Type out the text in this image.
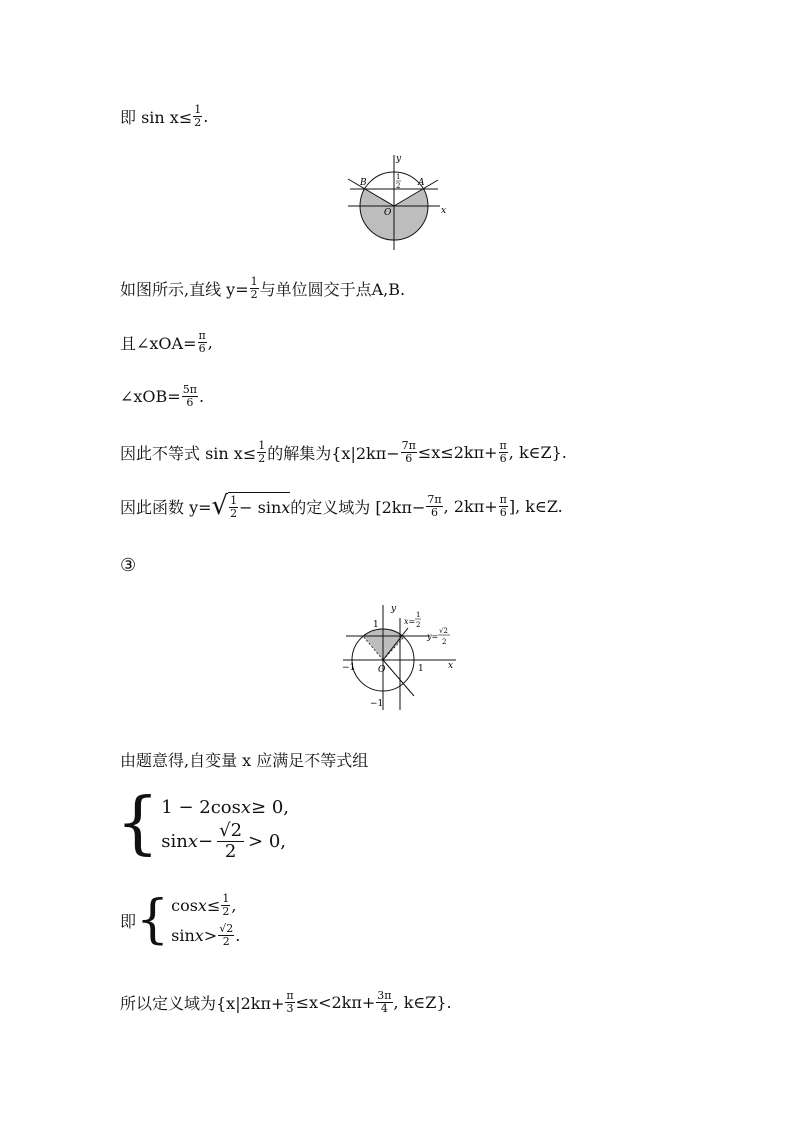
即 $\sin x\le \frac{1}{2}$ .
y
x
O
A
B
1
2
如图所示,直线 $y= \frac{1}{2}$ 与单位圆交于点A,B.
且∠xOA= $\frac{\pi}{6}$ ,
∠xOB= $\frac{5\pi}{6}$ .
因此不等式 $\sin x\le \frac{1}{2}$ 的解集为{$x|2k\pi- \frac{7\pi}{6} \le x\le 2k\pi+ \frac{\pi}{6}$ , k∈Z}.
因此函数 y= √ $\frac{1}{2} - \sin x$ 的定义域为 [$2k\pi- \frac{7\pi}{6}$ , $2k\pi+ \frac{\pi}{6}$ ], k∈Z.
③
y
x
O
1
−1	1
−1
x=
1
2
y=
√2
2
由题意得,自变量 x 应满足不等式组
{ 1 − 2cos x ≥ 0,
$\sin x - \frac{√2}{2} > 0$,
即 { $\cos x \le \frac{1}{2}$ ,
$\sin x > \frac{√2}{2}$ .
所以定义域为{$x|2k\pi+ \frac{\pi}{3} \le x<2k\pi+ \frac{3\pi}{4}$ , k∈Z}.
